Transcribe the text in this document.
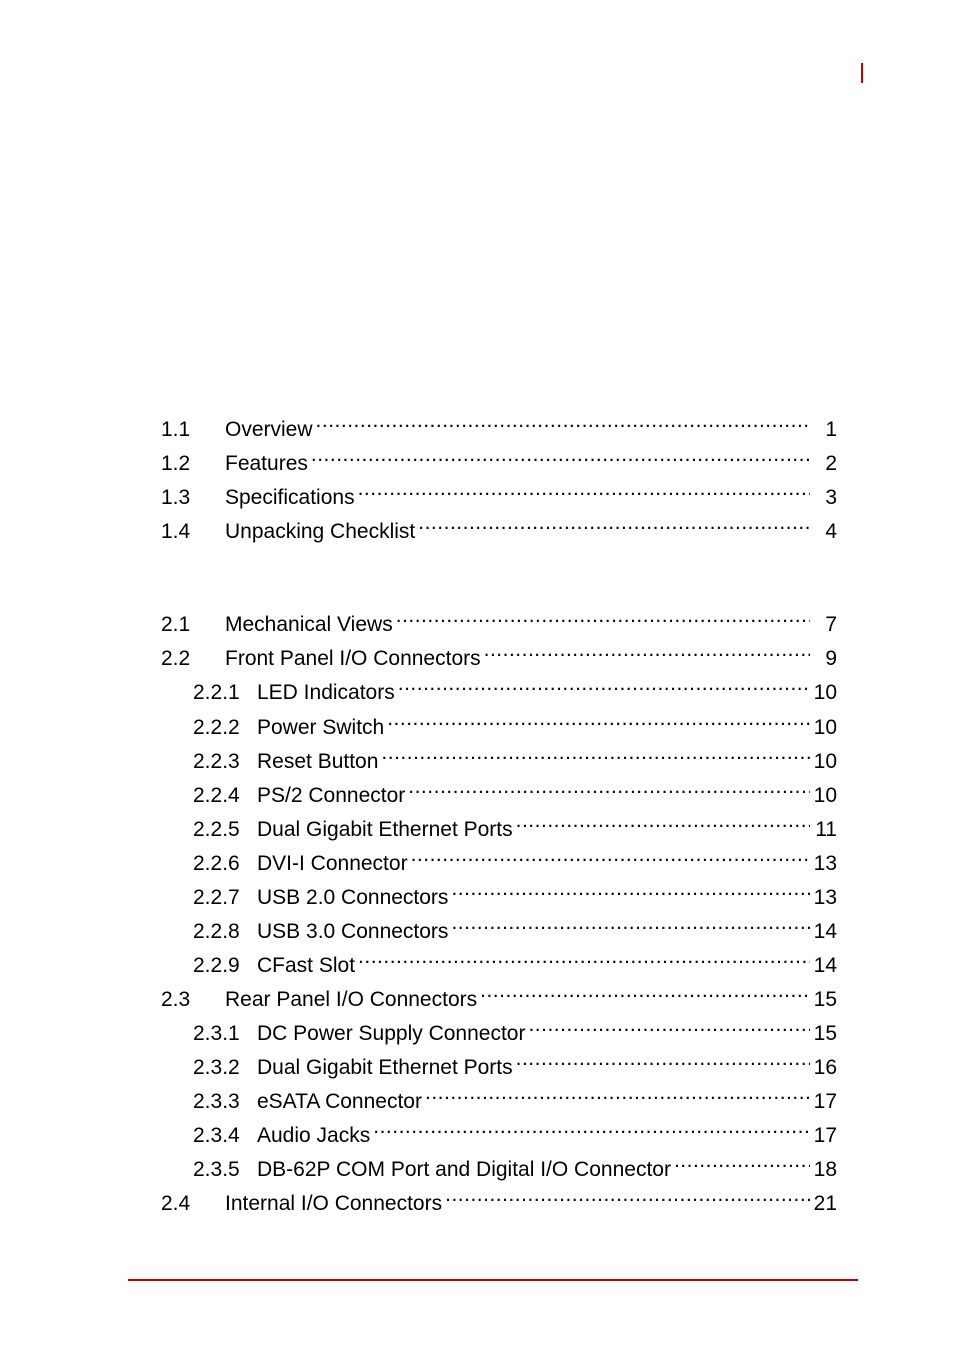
1.1	Overview .....	1
1.2	Features .....	2
1.3	Specifications .....	3
1.4	Unpacking Checklist .....	4
2.1	Mechanical Views .....	7
2.2	Front Panel I/O Connectors .....	9
2.2.1 LED Indicators .....	10
2.2.2 Power Switch .....	10
2.2.3 Reset Button .....	10
2.2.4 PS/2 Connector .....	10
2.2.5 Dual Gigabit Ethernet Ports .....	11
2.2.6 DVI-I Connector .....	13
2.2.7 USB 2.0 Connectors .....	13
2.2.8 USB 3.0 Connectors .....	14
2.2.9 CFast Slot .....	14
2.3	Rear Panel I/O Connectors .....	15
2.3.1 DC Power Supply Connector .....	15
2.3.2 Dual Gigabit Ethernet Ports .....	16
2.3.3 eSATA Connector .....	17
2.3.4 Audio Jacks .....	17
2.3.5 DB-62P COM Port and Digital I/O Connector .....	18
2.4	Internal I/O Connectors .....	21
